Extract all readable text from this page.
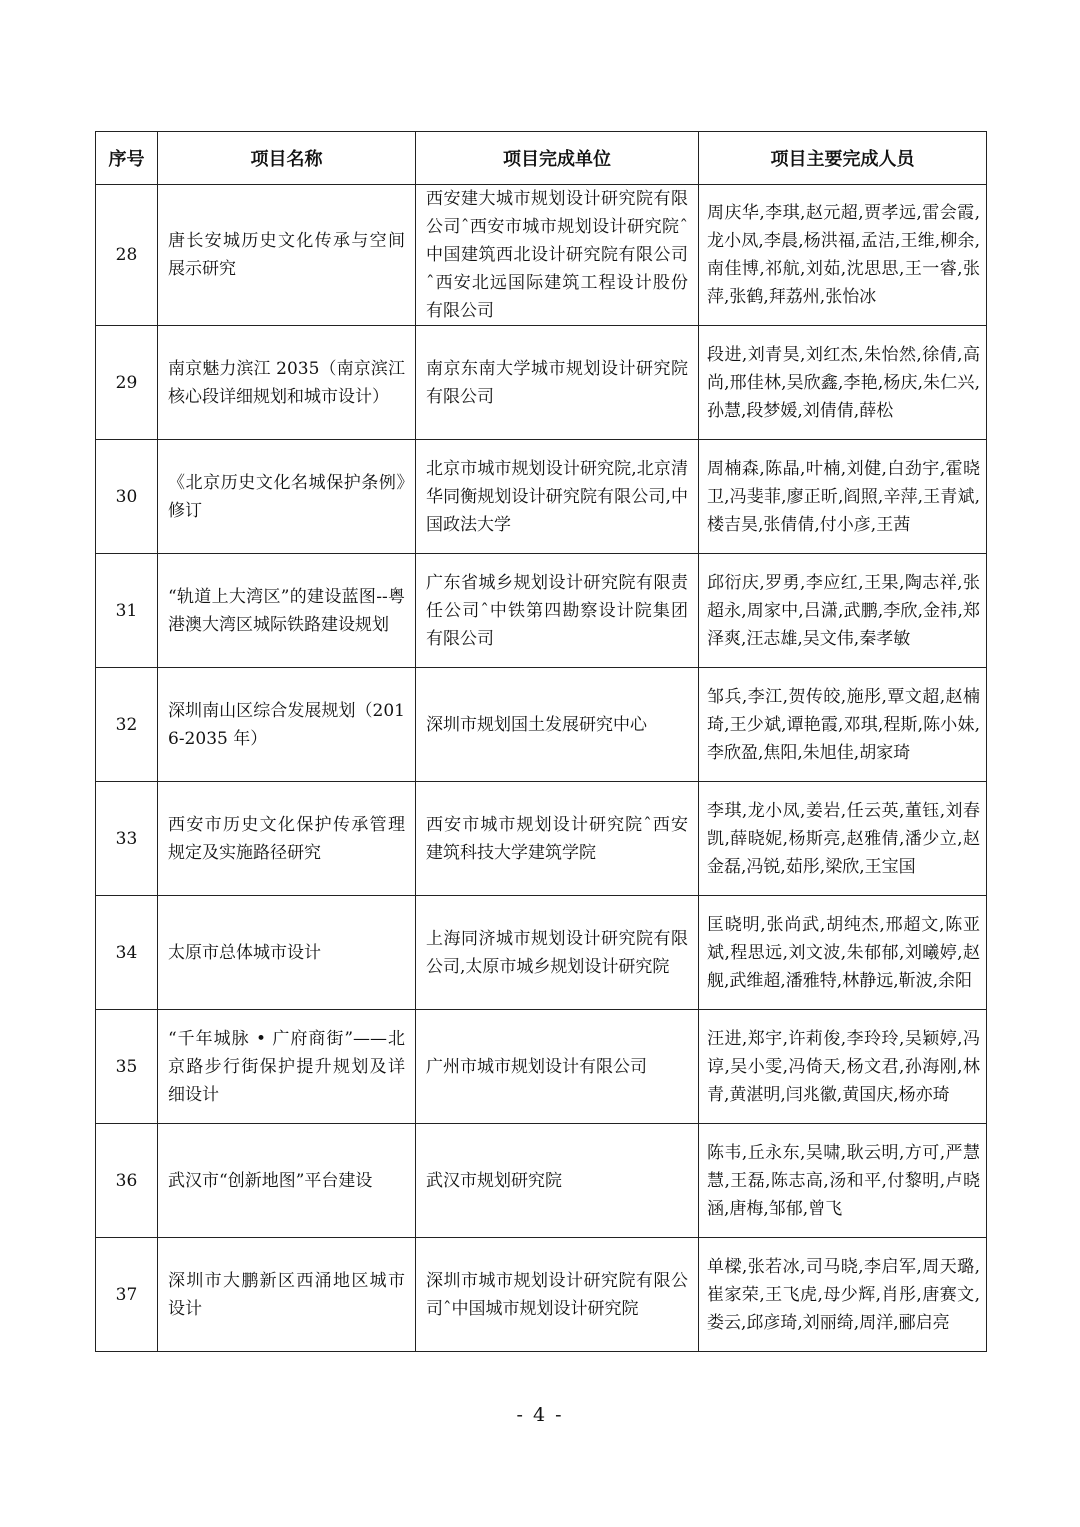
序号	项目名称	项目完成单位	项目主要完成人员
28	唐长安城历史文化传承与空间展示研究	西安建大城市规划设计研究院有限公司ˆ西安市城市规划设计研究院ˆ中国建筑西北设计研究院有限公司ˆ西安北远国际建筑工程设计股份有限公司	周庆华,李琪,赵元超,贾孝远,雷会霞,龙小凤,李晨,杨洪福,孟洁,王维,柳余,南佳博,祁航,刘茹,沈思思,王一睿,张 萍,张鹤,拜荔州,张怡冰

29	南京魅力滨江 2035（南京滨江核心段详细规划和城市设计）	南京东南大学城市规划设计研究院有限公司	段进,刘青昊,刘红杰,朱怡然,徐倩,高尚,邢佳林,吴欣鑫,李艳,杨庆,朱仁兴,孙慧,段梦媛,刘倩倩,薛松

30	《北京历史文化名城保护条例》修订	北京市城市规划设计研究院,北京清华同衡规划设计研究院有限公司,中国政法大学	周楠森,陈晶,叶楠,刘健,白劲宇,霍晓卫,冯斐菲,廖正昕,阎照,辛萍,王青斌,楼吉昊,张倩倩,付小彦,王茜

31	“轨道上大湾区”的建设蓝图--粤港澳大湾区城际铁路建设规划	广东省城乡规划设计研究院有限责任公司ˆ中铁第四勘察设计院集团有限公司	邱衍庆,罗勇,李应红,王果,陶志祥,张超永,周家中,吕潇,武鹏,李欣,金祎,郑泽爽,汪志雄,吴文伟,秦孝敏

32	深圳南山区综合发展规划（2016-2035 年）	深圳市规划国土发展研究中心	邹兵,李江,贺传皎,施彤,覃文超,赵楠琦,王少斌,谭艳霞,邓琪,程斯,陈小妹,李欣盈,焦阳,朱旭佳,胡家琦

33	西安市历史文化保护传承管理规定及实施路径研究	西安市城市规划设计研究院ˆ西安建筑科技大学建筑学院	李琪,龙小凤,姜岩,任云英,董钰,刘春凯,薛晓妮,杨斯亮,赵雅倩,潘少立,赵金磊,冯锐,茹彤,梁欣,王宝国

34	太原市总体城市设计	上海同济城市规划设计研究院有限公司,太原市城乡规划设计研究院	匡晓明,张尚武,胡纯杰,邢超文,陈亚斌,程思远,刘文波,朱郁郁,刘曦婷,赵舰,武维超,潘雅特,林静远,靳波,余阳

35	“千年城脉 • 广府商街”——北京路步行街保护提升规划及详细设计	广州市城市规划设计有限公司	汪进,郑宇,许莉俊,李玲玲,吴颖婷,冯谆,吴小雯,冯倚天,杨文君,孙海刚,林青,黄湛明,闫兆徽,黄国庆,杨亦琦

36	武汉市“创新地图”平台建设	武汉市规划研究院	陈韦,丘永东,吴啸,耿云明,方可,严慧慧,王磊,陈志高,汤和平,付黎明,卢晓涵,唐梅,邹郁,曾飞

37	深圳市大鹏新区西涌地区城市设计	深圳市城市规划设计研究院有限公司ˆ中国城市规划设计研究院	单樑,张若冰,司马晓,李启军,周天璐,崔家荣,王飞虎,母少辉,肖彤,唐赛文,娄云,邱彦琦,刘丽绮,周洋,郦启亮
- 4 -
